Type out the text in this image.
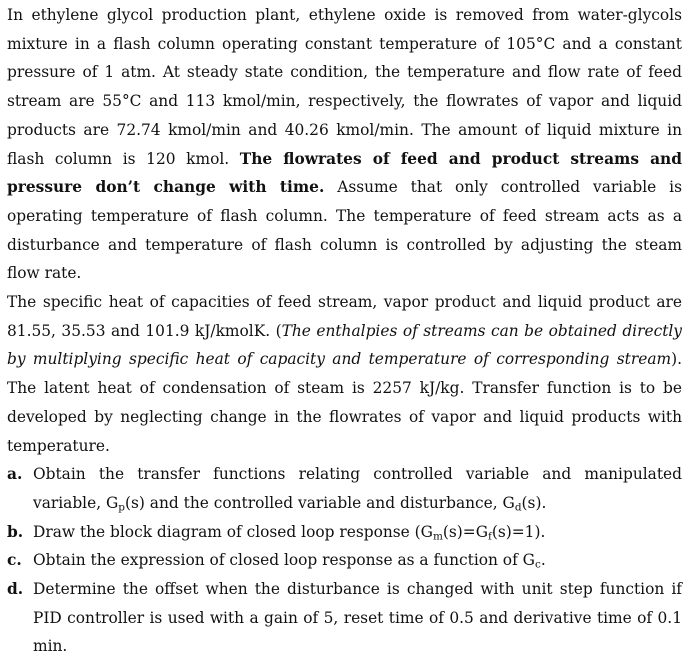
In ethylene glycol production plant, ethylene oxide is removed from water-glycols mixture in a flash column operating constant temperature of 105°C and a constant pressure of 1 atm. At steady state condition, the temperature and flow rate of feed stream are 55°C and 113 kmol/min, respectively, the flowrates of vapor and liquid products are 72.74 kmol/min and 40.26 kmol/min. The amount of liquid mixture in flash column is 120 kmol. The flowrates of feed and product streams and pressure don’t change with time. Assume that only controlled variable is operating temperature of flash column. The temperature of feed stream acts as a disturbance and temperature of flash column is controlled by adjusting the steam flow rate.

The specific heat of capacities of feed stream, vapor product and liquid product are 81.55, 35.53 and 101.9 kJ/kmolK. (The enthalpies of streams can be obtained directly by multiplying specific heat of capacity and temperature of corresponding stream). The latent heat of condensation of steam is 2257 kJ/kg. Transfer function is to be developed by neglecting change in the flowrates of vapor and liquid products with temperature.

a. Obtain the transfer functions relating controlled variable and manipulated variable, $G_p(s)$ and the controlled variable and disturbance, $G_d(s)$.
b. Draw the block diagram of closed loop response $(G_m(s)=G_f(s)=1)$.
c. Obtain the expression of closed loop response as a function of $G_c$.
d. Determine the offset when the disturbance is changed with unit step function if PID controller is used with a gain of 5, reset time of 0.5 and derivative time of 0.1 min.
